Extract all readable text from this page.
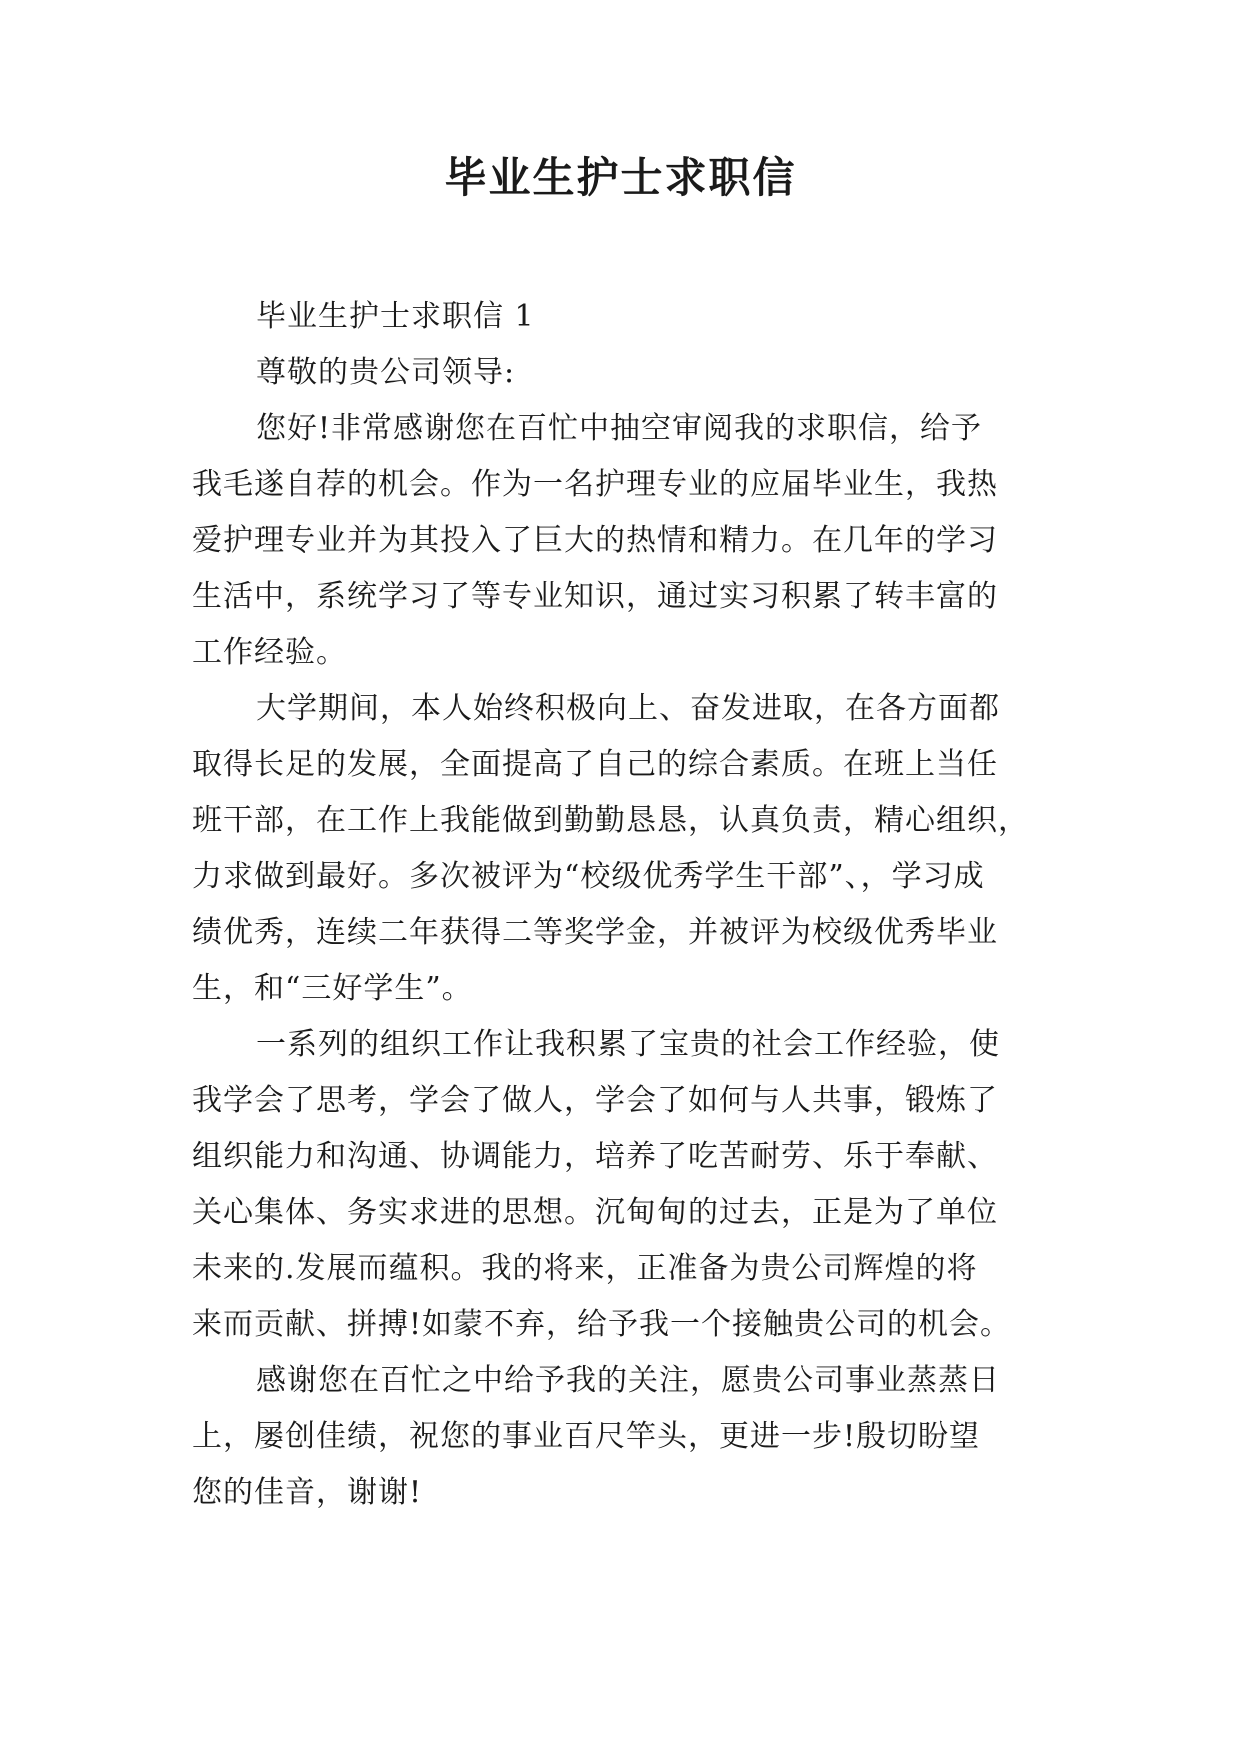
毕业生护士求职信
毕业生护士求职信 1
尊敬的贵公司领导:
您好!非常感谢您在百忙中抽空审阅我的求职信，给予
我毛遂自荐的机会。作为一名护理专业的应届毕业生，我热
爱护理专业并为其投入了巨大的热情和精力。在几年的学习
生活中，系统学习了等专业知识，通过实习积累了转丰富的
工作经验。
大学期间，本人始终积极向上、奋发进取，在各方面都
取得长足的发展，全面提高了自己的综合素质。在班上当任
班干部，在工作上我能做到勤勤恳恳，认真负责，精心组织，
力求做到最好。多次被评为“校级优秀学生干部”、，学习成
绩优秀，连续二年获得二等奖学金，并被评为校级优秀毕业
生，和“三好学生”。
一系列的组织工作让我积累了宝贵的社会工作经验，使
我学会了思考，学会了做人，学会了如何与人共事，锻炼了
组织能力和沟通、协调能力，培养了吃苦耐劳、乐于奉献、
关心集体、务实求进的思想。沉甸甸的过去，正是为了单位
未来的.发展而蕴积。我的将来，正准备为贵公司辉煌的将
来而贡献、拼搏!如蒙不弃，给予我一个接触贵公司的机会。
感谢您在百忙之中给予我的关注，愿贵公司事业蒸蒸日
上，屡创佳绩，祝您的事业百尺竿头，更进一步!殷切盼望
您的佳音，谢谢!
